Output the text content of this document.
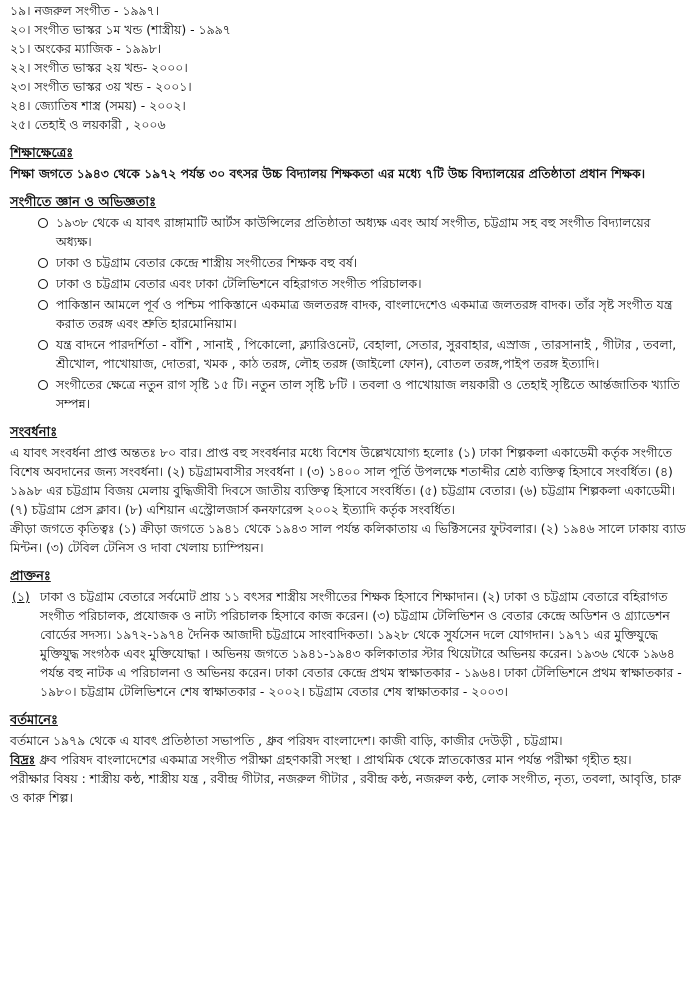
১৯। নজরুল সংগীত - ১৯৯৭।
২০। সংগীত ভাস্কর ১ম খন্ড (শাস্ত্রীয়) - ১৯৯৭
২১। অংকের ম্যাজিক - ১৯৯৮।
২২। সংগীত ভাস্কর ২য় খন্ড- ২০০০।
২৩। সংগীত ভাস্কর ৩য় খন্ড - ২০০১।
২৪। জ্যোতিষ শাস্ত্র (সময়) - ২০০২।
২৫। তেহাই ও লয়কারী , ২০০৬
শিক্ষাক্ষেত্রেঃ

শিক্ষা জগতে ১৯৪৩ থেকে ১৯৭২ পর্যন্ত ৩০ বৎসর উচ্চ বিদ্যালয় শিক্ষকতা এর মধ্যে ৭টি উচ্চ বিদ্যালয়ের প্রতিষ্ঠাতা প্রধান শিক্ষক।

সংগীতে জ্ঞান ও অভিজ্ঞতাঃ
১৯৩৮ থেকে এ যাবৎ রাঙ্গামাটি আর্টস কাউন্সিলের প্রতিষ্ঠাতা অধ্যক্ষ এবং আর্য সংগীত, চট্টগ্রাম সহ বহু সংগীত বিদ্যালয়ের অধ্যক্ষ।
ঢাকা ও চট্টগ্রাম বেতার কেন্দ্রে শাস্ত্রীয় সংগীতের শিক্ষক বহু বর্ষ।
ঢাকা ও চট্টগ্রাম বেতার এবং ঢাকা টেলিভিশনে বহিরাগত সংগীত পরিচালক।
পাকিস্তান আমলে পূর্ব ও পশ্চিম পাকিস্তানে একমাত্র জলতরঙ্গ বাদক, বাংলাদেশেও একমাত্র জলতরঙ্গ বাদক। তাঁর সৃষ্ট সংগীত যন্ত্র করাত তরঙ্গ এবং শ্রুতি হারমোনিয়াম।
যন্ত্র বাদনে পারদর্শিতা - বাঁশি , সানাই , পিকোলো, ক্ল্যারিওনেট, বেহালা, সেতার, সুরবাহার, এস্রাজ , তারসানাই , গীটার , তবলা, শ্রীখোল, পাখোয়াজ, দোতরা, খমক , কাঠ তরঙ্গ, লৌহ তরঙ্গ (জাইলো ফোন), বোতল তরঙ্গ,পাইপ তরঙ্গ ইত্যাদি।
সংগীতের ক্ষেত্রে নতুন রাগ সৃষ্টি ১৫ টি। নতুন তাল সৃষ্টি ৮টি । তবলা ও পাখোয়াজ লয়কারী ও তেহাই সৃষ্টিতে আর্ন্তজাতিক খ্যাতি সম্পন্ন।
সংবর্ধনাঃ

এ যাবৎ সংবর্ধনা প্রাপ্ত অন্ততঃ ৮০ বার। প্রাপ্ত বহু সংবর্ধনার মধ্যে বিশেষ উল্লেখযোগ্য হলোঃ (১) ঢাকা শিল্পকলা একাডেমী কর্তৃক সংগীতে বিশেষ অবদানের জন্য সংবর্ধনা। (২) চট্টগ্রামবাসীর সংবর্ধনা । (৩) ১৪০০ সাল পূর্তি উপলক্ষে শতাব্দীর শ্রেষ্ঠ ব্যক্তিত্ব হিসাবে সংবর্ধিত। (৪) ১৯৯৮ এর চট্টগ্রাম বিজয় মেলায় বুদ্ধিজীবী দিবসে জাতীয় ব্যক্তিত্ব হিসাবে সংবর্ধিত। (৫) চট্টগ্রাম বেতার। (৬) চট্টগ্রাম শিল্পকলা একাডেমী। (৭) চট্টগ্রাম প্রেস ক্লাব। (৮) এশিয়ান এস্ট্রোলজার্স কনফারেন্স ২০০২ ইত্যাদি কর্তৃক সংবর্ধিত।

ক্রীড়া জগতে কৃতিত্বঃ (১) ক্রীড়া জগতে ১৯৪১ থেকে ১৯৪৩ সাল পর্যন্ত কলিকাতায় এ ভিক্টিসনের ফুটবলার। (২) ১৯৪৬ সালে ঢাকায় ব্যাড মিন্টন। (৩) টেবিল টেনিস ও দাবা খেলায় চ্যাম্পিয়ন।

প্রাক্তনঃ
(১) ঢাকা ও চট্টগ্রাম বেতারে সর্বমোট প্রায় ১১ বৎসর শাস্ত্রীয় সংগীতের শিক্ষক হিসাবে শিক্ষাদান। (২) ঢাকা ও চট্টগ্রাম বেতারে বহিরাগত সংগীত পরিচালক, প্রযোজক ও নাট্য পরিচালক হিসাবে কাজ করেন। (৩) চট্টগ্রাম টেলিভিশন ও বেতার কেন্দ্রে অডিশন ও গ্র্যাডেশন বোর্ডের সদস্য। ১৯৭২-১৯৭৪ দৈনিক আজাদী চট্টগ্রামে সাংবাদিকতা। ১৯২৮ থেকে সুর্যসেন দলে যোগদান। ১৯৭১ এর মুক্তিযুদ্ধে মুক্তিযুদ্ধ সংগঠক এবং মুক্তিযোদ্ধা । অভিনয় জগতে ১৯৪১-১৯৪৩ কলিকাতার স্টার থিয়েটারে অভিনয় করেন। ১৯৩৬ থেকে ১৯৬৪ পর্যন্ত বহু নাটক এ পরিচালনা ও অভিনয় করেন। ঢাকা বেতার কেন্দ্রে প্রথম স্বাক্ষাতকার - ১৯৬৪। ঢাকা টেলিভিশনে প্রথম স্বাক্ষাতকার - ১৯৮০। চট্টগ্রাম টেলিভিশনে শেষ স্বাক্ষাতকার - ২০০২। চট্টগ্রাম বেতার শেষ স্বাক্ষাতকার - ২০০৩।

বর্তমানেঃ

বর্তমানে ১৯৭৯ থেকে এ যাবৎ প্রতিষ্ঠাতা সভাপতি , ধ্রুব পরিষদ বাংলাদেশ। কাজী বাড়ি, কাজীর দেউড়ী , চট্টগ্রাম।

বিদ্রঃ ধ্রুব পরিষদ বাংলাদেশের একমাত্র সংগীত পরীক্ষা গ্রহণকারী সংস্থা । প্রাথমিক থেকে স্নাতকোত্তর মান পর্যন্ত পরীক্ষা গৃহীত হয়।

পরীক্ষার বিষয় : শাস্ত্রীয় কন্ঠ, শাস্ত্রীয় যন্ত্র , রবীন্দ্র গীটার, নজরুল গীটার , রবীন্দ্র কন্ঠ, নজরুল কন্ঠ, লোক সংগীত, নৃত্য, তবলা, আবৃত্তি, চারু ও কারু শিল্প।
